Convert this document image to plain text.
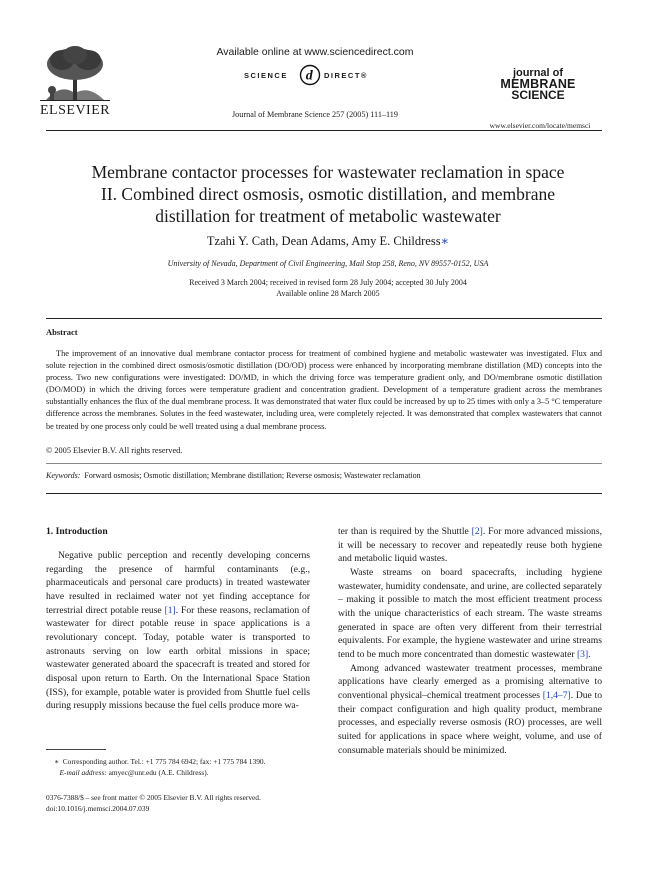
ELSEVIER
Available online at www.sciencedirect.com
SCIENCE d DIRECT®
Journal of Membrane Science 257 (2005) 111–119
journal of
MEMBRANE
SCIENCE
www.elsevier.com/locate/memsci
Membrane contactor processes for wastewater reclamation in space
II. Combined direct osmosis, osmotic distillation, and membrane
distillation for treatment of metabolic wastewater
Tzahi Y. Cath, Dean Adams, Amy E. Childress∗
University of Nevada, Department of Civil Engineering, Mail Stop 258, Reno, NV 89557-0152, USA
Received 3 March 2004; received in revised form 28 July 2004; accepted 30 July 2004
Available online 28 March 2005
Abstract
The improvement of an innovative dual membrane contactor process for treatment of combined hygiene and metabolic wastewater was investigated. Flux and solute rejection in the combined direct osmosis/osmotic distillation (DO/OD) process were enhanced by incorporating membrane distillation (MD) concepts into the process. Two new configurations were investigated: DO/MD, in which the driving force was temperature gradient only, and DO/membrane osmotic distillation (DO/MOD) in which the driving forces were temperature gradient and concentration gradient. Development of a temperature gradient across the membranes substantially enhances the flux of the dual membrane process. It was demonstrated that water flux could be increased by up to 25 times with only a 3–5 °C temperature difference across the membranes. Solutes in the feed wastewater, including urea, were completely rejected. It was demonstrated that complex wastewaters that cannot be treated by one process only could be well treated using a dual membrane process.
© 2005 Elsevier B.V. All rights reserved.
Keywords: Forward osmosis; Osmotic distillation; Membrane distillation; Reverse osmosis; Wastewater reclamation
1. Introduction

Negative public perception and recently developing concerns regarding the presence of harmful contaminants (e.g., pharmaceuticals and personal care products) in treated wastewater have resulted in reclaimed water not yet finding acceptance for terrestrial direct potable reuse [1]. For these reasons, reclamation of wastewater for direct potable reuse in space applications is a revolutionary concept. Today, potable water is transported to astronauts serving on low earth orbital missions in space; wastewater generated aboard the spacecraft is treated and stored for disposal upon return to Earth. On the International Space Station (ISS), for example, potable water is provided from Shuttle fuel cells during resupply missions because the fuel cells produce more wa-

ter than is required by the Shuttle [2]. For more advanced missions, it will be necessary to recover and repeatedly reuse both hygiene and metabolic liquid wastes.

Waste streams on board spacecrafts, including hygiene wastewater, humidity condensate, and urine, are collected separately – making it possible to match the most efficient treatment process with the unique characteristics of each stream. The waste streams generated in space are often very different from their terrestrial equivalents. For example, the hygiene wastewater and urine streams tend to be much more concentrated than domestic wastewater [3].

Among advanced wastewater treatment processes, membrane applications have clearly emerged as a promising alternative to conventional physical–chemical treatment processes [1,4–7]. Due to their compact configuration and high quality product, membrane processes, and especially reverse osmosis (RO) processes, are well suited for applications in space where weight, volume, and use of consumable materials should be minimized.

∗ Corresponding author. Tel.: +1 775 784 6942; fax: +1 775 784 1390.
E-mail address: amyec@unr.edu (A.E. Childress).
0376-7388/$ – see front matter © 2005 Elsevier B.V. All rights reserved.
doi:10.1016/j.memsci.2004.07.039
